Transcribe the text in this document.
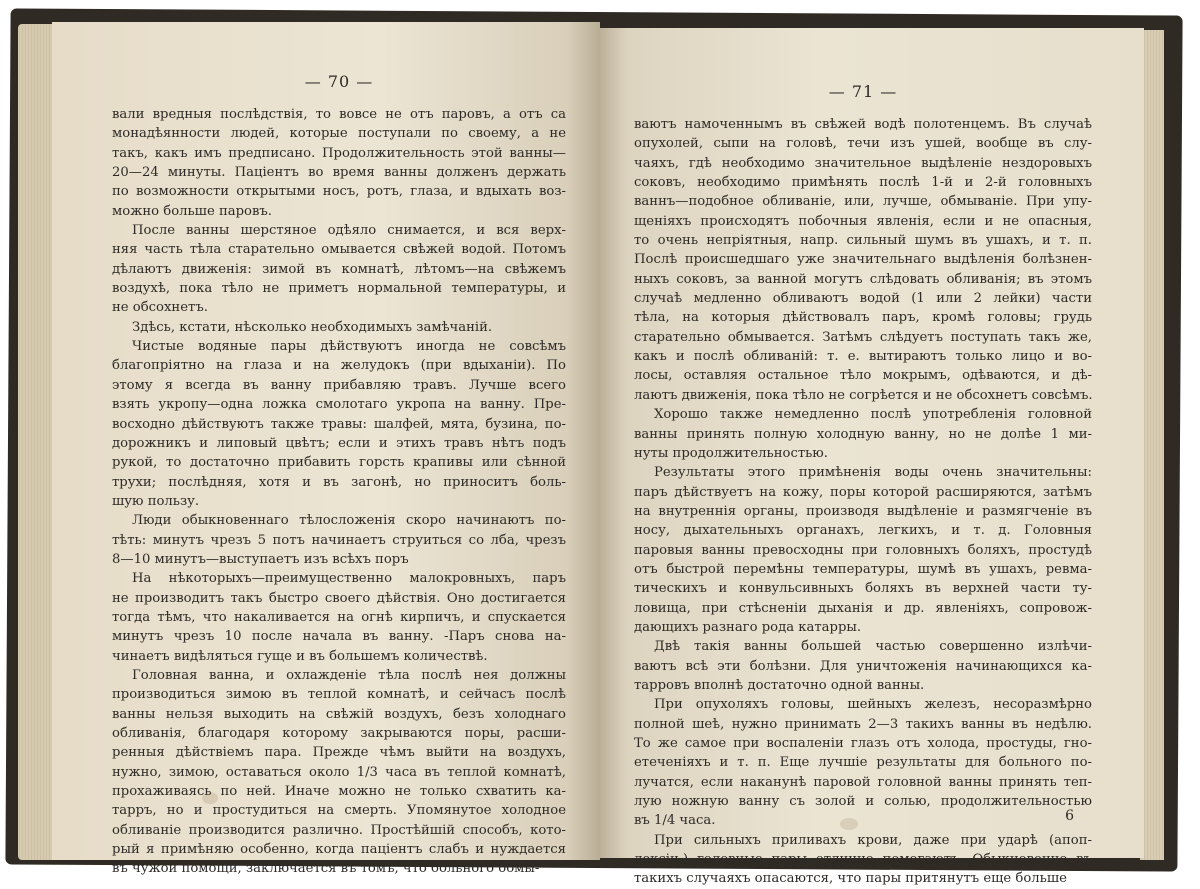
— 70 —
вали вредныя послѣдствія, то вовсе не отъ паровъ, а отъ са
монадѣянности людей, которые поступали по своему, а не
такъ, какъ имъ предписано. Продолжительность этой ванны—
20—24 минуты. Паціентъ во время ванны долженъ держать
по возможности открытыми носъ, ротъ, глаза, и вдыхать воз-
можно больше паровъ.
После ванны шерстяное одѣяло снимается, и вся верх-
няя часть тѣла старательно омывается свѣжей водой. Потомъ
дѣлаютъ движенія: зимой въ комнатѣ, лѣтомъ—на свѣжемъ
воздухѣ, пока тѣло не приметъ нормальной температуры, и
не обсохнетъ.
Здѣсь, кстати, нѣсколько необходимыхъ замѣчаній.
Чистые водяные пары дѣйствуютъ иногда не совсѣмъ
благопріятно на глаза и на желудокъ (при вдыханіи). По
этому я всегда въ ванну прибавляю травъ. Лучше всего
взять укропу—одна ложка смолотаго укропа на ванну. Пре-
восходно дѣйствуютъ также травы: шалфей, мята, бузина, по-
дорожникъ и липовый цвѣтъ; если и этихъ травъ нѣтъ подъ
рукой, то достаточно прибавить горсть крапивы или сѣнной
трухи; послѣдняя, хотя и въ загонѣ, но приноситъ боль-
шую пользу.
Люди обыкновеннаго тѣлосложенія скоро начинаютъ по-
тѣть: минутъ чрезъ 5 потъ начинаетъ струиться со лба, чрезъ
8—10 минутъ—выступаетъ изъ всѣхъ поръ
На нѣкоторыхъ—преимущественно малокровныхъ, паръ
не производитъ такъ быстро своего дѣйствія. Оно достигается
тогда тѣмъ, что накаливается на огнѣ кирпичъ, и спускается
минутъ чрезъ 10 после начала въ ванну. -Паръ снова на-
чинаетъ видѣляться гуще и въ большемъ количествѣ.
Головная ванна, и охлажденіе тѣла послѣ нея должны
производиться зимою въ теплой комнатѣ, и сейчасъ послѣ
ванны нельзя выходить на свѣжій воздухъ, безъ холоднаго
обливанія, благодаря которому закрываются поры, расши-
ренныя дѣйствіемъ пара. Прежде чѣмъ выйти на воздухъ,
нужно, зимою, оставаться около 1/3 часа въ теплой комнатѣ,
прохаживаясь по ней. Иначе можно не только схватить ка-
тарръ, но и простудиться на смерть. Упомянутое холодное
обливаніе производится различно. Простѣйшій способъ, кото-
рый я примѣняю особенно, когда паціентъ слабъ и нуждается
въ чужой помощи, заключается въ томъ, что больного обмы-
— 71 —
ваютъ намоченнымъ въ свѣжей водѣ полотенцемъ. Въ случаѣ
опухолей, сыпи на головѣ, течи изъ ушей, вообще въ слу-
чаяхъ, гдѣ необходимо значительное выдѣленіе нездоровыхъ
соковъ, необходимо примѣнять послѣ 1-й и 2-й головныхъ
ваннъ—подобное обливаніе, или, лучше, обмываніе. При упу-
щеніяхъ происходятъ побочныя явленія, если и не опасныя,
то очень непріятныя, напр. сильный шумъ въ ушахъ, и т. п.
Послѣ происшедшаго уже значительнаго выдѣленія болѣзнен-
ныхъ соковъ, за ванной могутъ слѣдовать обливанія; въ этомъ
случаѣ медленно обливаютъ водой (1 или 2 лейки) части
тѣла, на которыя дѣйствовалъ паръ, кромѣ головы; грудь
старательно обмывается. Затѣмъ слѣдуетъ поступать такъ же,
какъ и послѣ обливаній: т. е. вытираютъ только лицо и во-
лосы, оставляя остальное тѣло мокрымъ, одѣваются, и дѣ-
лаютъ движенія, пока тѣло не согрѣется и не обсохнетъ совсѣмъ.
Хорошо также немедленно послѣ употребленія головной
ванны принять полную холодную ванну, но не долѣе 1 ми-
нуты продолжительностью.
Результаты этого примѣненія воды очень значительны:
паръ дѣйствуетъ на кожу, поры которой расширяются, затѣмъ
на внутреннія органы, производя выдѣленіе и размягченіе въ
носу, дыхательныхъ органахъ, легкихъ, и т. д. Головныя
паровыя ванны превосходны при головныхъ боляхъ, простудѣ
отъ быстрой перемѣны температуры, шумѣ въ ушахъ, ревма-
тическихъ и конвульсивныхъ боляхъ въ верхней части ту-
ловища, при стѣсненіи дыханія и др. явленіяхъ, сопровож-
дающихъ разнаго рода катарры.
Двѣ такія ванны большей частью совершенно излѣчи-
ваютъ всѣ эти болѣзни. Для уничтоженія начинающихся ка-
тарровъ вполнѣ достаточно одной ванны.
При опухоляхъ головы, шейныхъ железъ, несоразмѣрно
полной шеѣ, нужно принимать 2—3 такихъ ванны въ недѣлю.
То же самое при воспаленіи глазъ отъ холода, простуды, гно-
етеченіяхъ и т. п. Еще лучшіе результаты для больного по-
лучатся, если наканунѣ паровой головной ванны принять теп-
лую ножную ванну съ золой и солью, продолжительностью
въ 1/4 часа.
При сильныхъ приливахъ крови, даже при ударѣ (апоп-
лексіи.) головные пары отлично помогаютъ. Обыкновенно въ
такихъ случаяхъ опасаются, что пары притянутъ еще больше
6
